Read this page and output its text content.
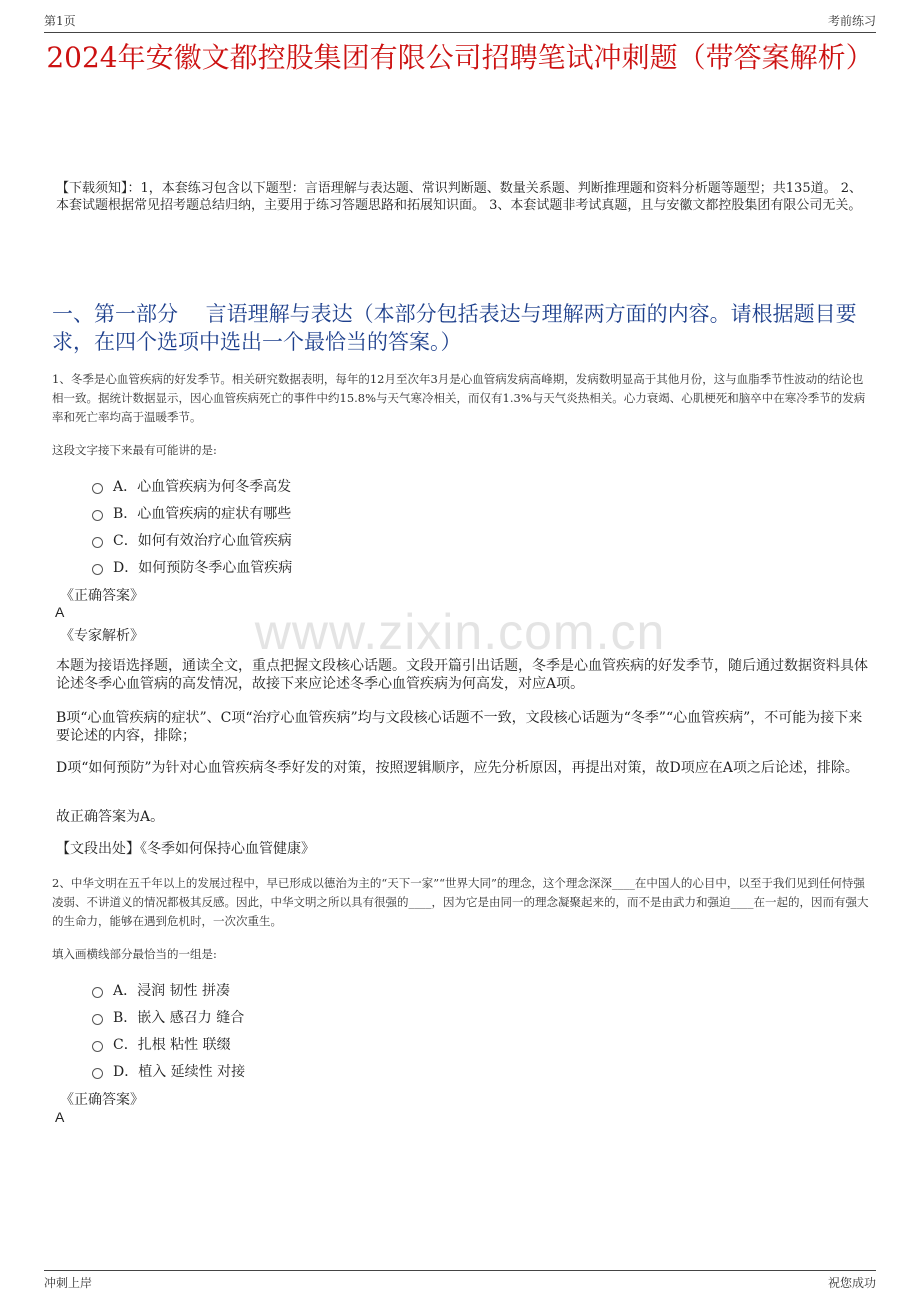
第1页	考前练习
2024年安徽文都控股集团有限公司招聘笔试冲刺题（带答案解析）
【下载须知】：1，本套练习包含以下题型：言语理解与表达题、常识判断题、数量关系题、判断推理题和资料分析题等题型；共135道。 2、本套试题根据常见招考题总结归纳，主要用于练习答题思路和拓展知识面。 3、本套试题非考试真题，且与安徽文都控股集团有限公司无关。
一、第一部分　 言语理解与表达（本部分包括表达与理解两方面的内容。请根据题目要求，在四个选项中选出一个最恰当的答案。）
www.zixin.com.cn
1、冬季是心血管疾病的好发季节。相关研究数据表明，每年的12月至次年3月是心血管病发病高峰期，发病数明显高于其他月份，这与血脂季节性波动的结论也相一致。据统计数据显示，因心血管疾病死亡的事件中约15.8%与天气寒冷相关，而仅有1.3%与天气炎热相关。心力衰竭、心肌梗死和脑卒中在寒冷季节的发病率和死亡率均高于温暖季节。
这段文字接下来最有可能讲的是:
A．心血管疾病为何冬季高发
B．心血管疾病的症状有哪些
C．如何有效治疗心血管疾病
D．如何预防冬季心血管疾病
《正确答案》
A
《专家解析》
本题为接语选择题，通读全文，重点把握文段核心话题。文段开篇引出话题，冬季是心血管疾病的好发季节，随后通过数据资料具体论述冬季心血管病的高发情况，故接下来应论述冬季心血管疾病为何高发，对应A项。
B项“心血管疾病的症状”、C项“治疗心血管疾病”均与文段核心话题不一致，文段核心话题为“冬季”“心血管疾病”，不可能为接下来要论述的内容，排除；
D项“如何预防”为针对心血管疾病冬季好发的对策，按照逻辑顺序，应先分析原因，再提出对策，故D项应在A项之后论述，排除。
故正确答案为A。
【文段出处】《冬季如何保持心血管健康》
2、中华文明在五千年以上的发展过程中，早已形成以德治为主的“天下一家”“世界大同”的理念，这个理念深深____在中国人的心目中，以至于我们见到任何恃强凌弱、不讲道义的情况都极其反感。因此，中华文明之所以具有很强的____，因为它是由同一的理念凝聚起来的，而不是由武力和强迫____在一起的，因而有强大的生命力，能够在遇到危机时，一次次重生。
填入画横线部分最恰当的一组是:
A．浸润 韧性 拼凑
B．嵌入 感召力 缝合
C．扎根 粘性 联缀
D．植入 延续性 对接
《正确答案》
A
冲刺上岸	祝您成功
